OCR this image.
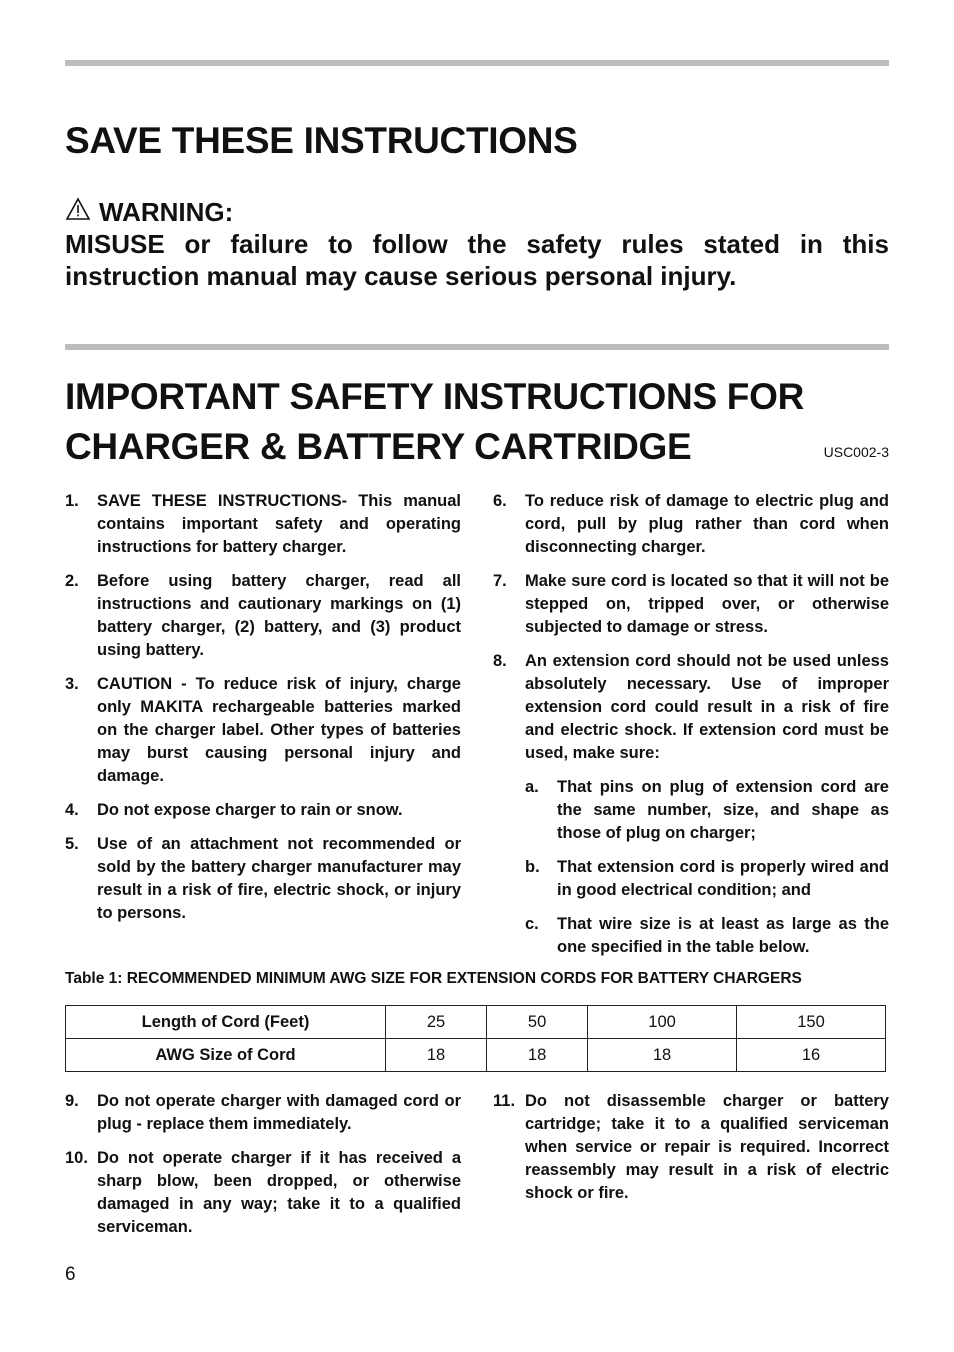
SAVE THESE INSTRUCTIONS
WARNING:
MISUSE or failure to follow the safety rules stated in this instruction manual may cause serious personal injury.
IMPORTANT SAFETY INSTRUCTIONS FOR
CHARGER & BATTERY CARTRIDGE	USC002-3
1.	SAVE THESE INSTRUCTIONS- This manual contains important safety and operating instructions for battery charger.
2.	Before using battery charger, read all instructions and cautionary markings on (1) battery charger, (2) battery, and (3) product using battery.
3.	CAUTION - To reduce risk of injury, charge only MAKITA rechargeable batteries marked on the charger label. Other types of batteries may burst causing personal injury and damage.
4.	Do not expose charger to rain or snow.
5.	Use of an attachment not recommended or sold by the battery charger manufacturer may result in a risk of fire, electric shock, or injury to persons.
6.	To reduce risk of damage to electric plug and cord, pull by plug rather than cord when disconnecting charger.
7.	Make sure cord is located so that it will not be stepped on, tripped over, or otherwise subjected to damage or stress.
8.	An extension cord should not be used unless absolutely necessary. Use of improper extension cord could result in a risk of fire and electric shock. If extension cord must be used, make sure:
a.	That pins on plug of extension cord are the same number, size, and shape as those of plug on charger;
b.	That extension cord is properly wired and in good electrical condition; and
c.	That wire size is at least as large as the one specified in the table below.
Table 1: RECOMMENDED MINIMUM AWG SIZE FOR EXTENSION CORDS FOR BATTERY CHARGERS
Length of Cord (Feet)	25	50	100	150
AWG Size of Cord	18	18	18	16
9.	Do not operate charger with damaged cord or plug - replace them immediately.
10. Do not operate charger if it has received a sharp blow, been dropped, or otherwise damaged in any way; take it to a qualified serviceman.
11. Do not disassemble charger or battery cartridge; take it to a qualified serviceman when service or repair is required. Incorrect reassembly may result in a risk of electric shock or fire.
6
